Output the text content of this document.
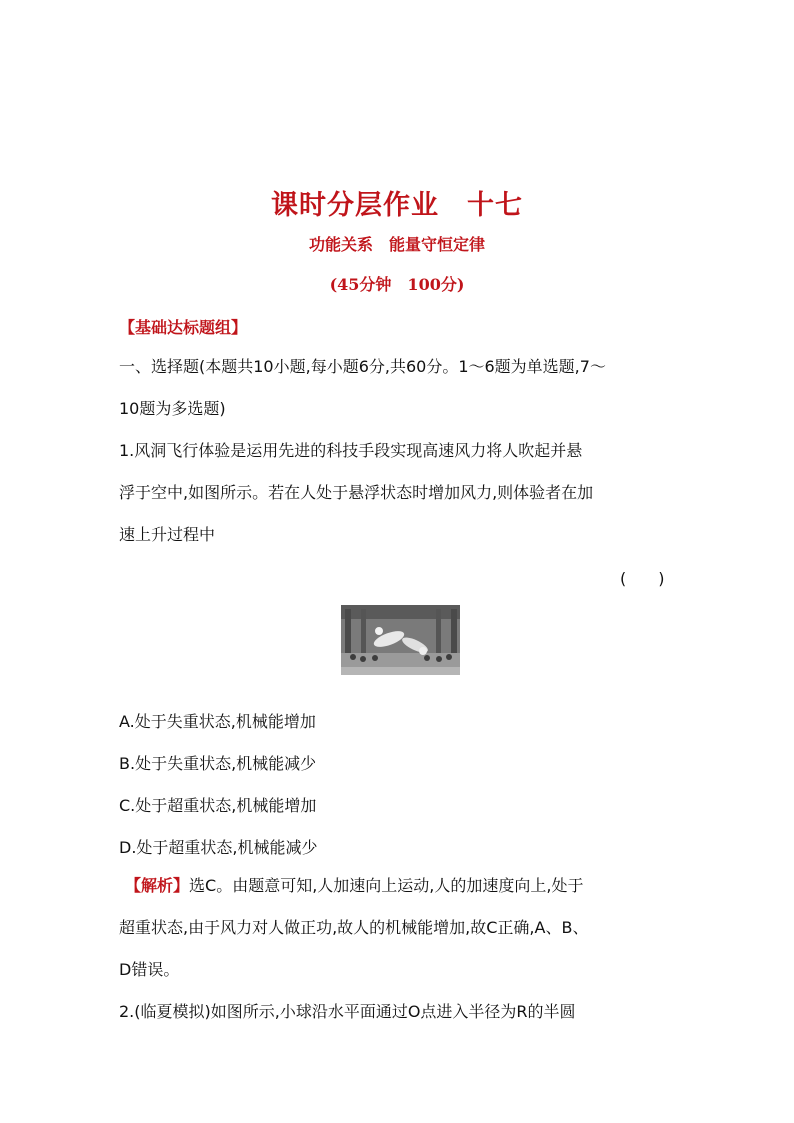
课时分层作业　十七
功能关系　能量守恒定律
(45分钟　100分)
【基础达标题组】
一、选择题(本题共10小题,每小题6分,共60分。1～6题为单选题,7～
10题为多选题)
1.风洞飞行体验是运用先进的科技手段实现高速风力将人吹起并悬
浮于空中,如图所示。若在人处于悬浮状态时增加风力,则体验者在加
速上升过程中
(　　)
A.处于失重状态,机械能增加
B.处于失重状态,机械能减少
C.处于超重状态,机械能增加
D.处于超重状态,机械能减少
【解析】选C。由题意可知,人加速向上运动,人的加速度向上,处于
超重状态,由于风力对人做正功,故人的机械能增加,故C正确,A、B、
D错误。
2.(临夏模拟)如图所示,小球沿水平面通过O点进入半径为R的半圆
